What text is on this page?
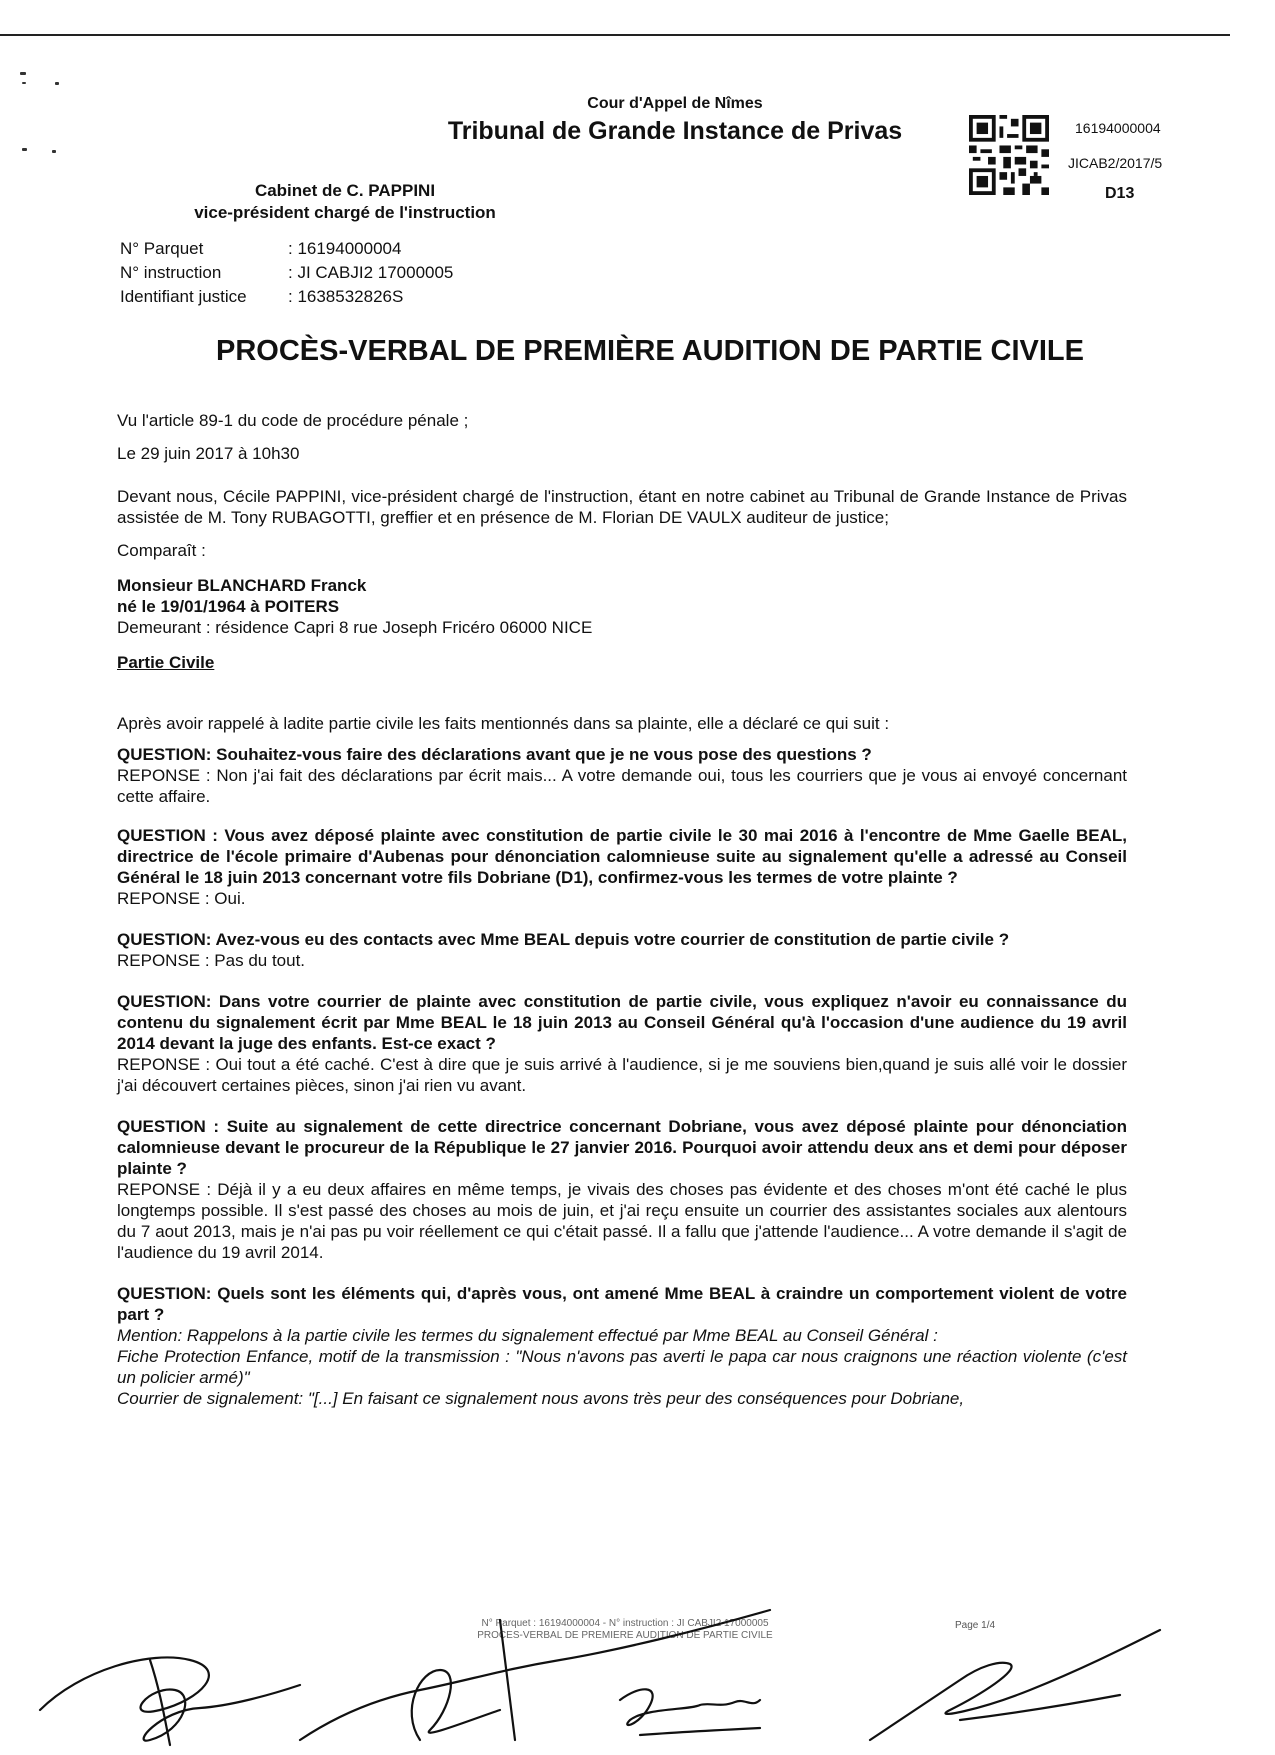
Cour d'Appel de Nîmes
Tribunal de Grande Instance de Privas	16194000004
JICAB2/2017/5
D13
Cabinet de C. PAPPINI
vice-président chargé de l'instruction
N° Parquet	: 16194000004
N° instruction	: JI CABJI2 17000005
Identifiant justice	: 1638532826S
PROCÈS-VERBAL DE PREMIÈRE AUDITION DE PARTIE CIVILE

Vu l'article 89-1 du code de procédure pénale ;

Le 29 juin 2017 à 10h30

Devant nous, Cécile PAPPINI, vice-président chargé de l'instruction, étant en notre cabinet au Tribunal de Grande Instance de Privas assistée de M. Tony RUBAGOTTI, greffier et en présence de M. Florian DE VAULX auditeur de justice;

Comparaît :

Monsieur BLANCHARD Franck

né le 19/01/1964 à POITERS

Demeurant : résidence Capri 8 rue Joseph Fricéro 06000 NICE

Partie Civile

Après avoir rappelé à ladite partie civile les faits mentionnés dans sa plainte, elle a déclaré ce qui suit :

QUESTION: Souhaitez-vous faire des déclarations avant que je ne vous pose des questions ?

REPONSE : Non j'ai fait des déclarations par écrit mais... A votre demande oui, tous les courriers que je vous ai envoyé concernant cette affaire.

QUESTION : Vous avez déposé plainte avec constitution de partie civile le 30 mai 2016 à l'encontre de Mme Gaelle BEAL, directrice de l'école primaire d'Aubenas pour dénonciation calomnieuse suite au signalement qu'elle a adressé au Conseil Général le 18 juin 2013 concernant votre fils Dobriane (D1), confirmez-vous les termes de votre plainte ?

REPONSE : Oui.

QUESTION: Avez-vous eu des contacts avec Mme BEAL depuis votre courrier de constitution de partie civile ?

REPONSE : Pas du tout.

QUESTION: Dans votre courrier de plainte avec constitution de partie civile, vous expliquez n'avoir eu connaissance du contenu du signalement écrit par Mme BEAL le 18 juin 2013 au Conseil Général qu'à l'occasion d'une audience du 19 avril 2014 devant la juge des enfants. Est-ce exact ?

REPONSE : Oui tout a été caché. C'est à dire que je suis arrivé à l'audience, si je me souviens bien,quand je suis allé voir le dossier j'ai découvert certaines pièces, sinon j'ai rien vu avant.

QUESTION : Suite au signalement de cette directrice concernant Dobriane, vous avez déposé plainte pour dénonciation calomnieuse devant le procureur de la République le 27 janvier 2016. Pourquoi avoir attendu deux ans et demi pour déposer plainte ?

REPONSE : Déjà il y a eu deux affaires en même temps, je vivais des choses pas évidente et des choses m'ont été caché le plus longtemps possible. Il s'est passé des choses au mois de juin, et j'ai reçu ensuite un courrier des assistantes sociales aux alentours du 7 aout 2013, mais je n'ai pas pu voir réellement ce qui c'était passé. Il a fallu que j'attende l'audience... A votre demande il s'agit de l'audience du 19 avril 2014.

QUESTION: Quels sont les éléments qui, d'après vous, ont amené Mme BEAL à craindre un comportement violent de votre part ?

Mention: Rappelons à la partie civile les termes du signalement effectué par Mme BEAL au Conseil Général :

Fiche Protection Enfance, motif de la transmission : "Nous n'avons pas averti le papa car nous craignons une réaction violente (c'est un policier armé)"

Courrier de signalement: "[...] En faisant ce signalement nous avons très peur des conséquences pour Dobriane,

N° Parquet : 16194000004 - N° instruction : JI CABJI2 17000005
PROCES-VERBAL DE PREMIERE AUDITION DE PARTIE CIVILE
Page 1/4
